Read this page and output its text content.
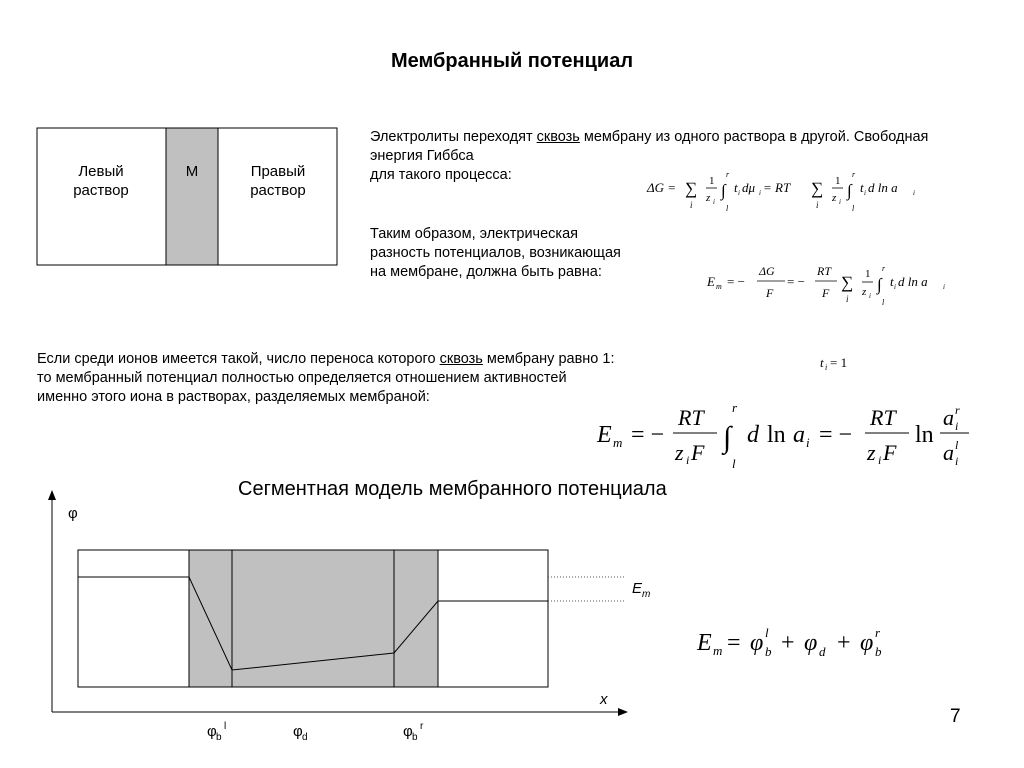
Мембранный потенциал
Левый
раствор
М	Правый
раствор
Электролиты переходят сквозь мембрану из одного раствора в другой. Свободная
энергия Гиббса
для такого процесса:
ΔG = ∑
i
1
z i
∫
r
l
t i dμ i = RT ∑
i
1
z i
∫
r
l
t i d ln a i
Таким образом, электрическая
разность потенциалов, возникающая
на мембране, должна быть равна:
E m = −
ΔG
F
= −
RT
F
∑
i
1
z i
∫
r
l
t i d ln a i
Если среди ионов имеется такой, число переноса которого сквозь мембрану равно 1:
то мембранный потенциал полностью определяется отношением активностей
именно этого иона в растворах, разделяемых мембраной:
t i = 1
E m = −
RT
z i F ∫
r
l
d ln a i = −
RT
z i F
ln
a r
i
a l
i
Сегментная модель мембранного потенциала
φ
x
E m
φ b
l	φ d	φ b
r
E m = φ b
l + φ d + φ b
r
7
